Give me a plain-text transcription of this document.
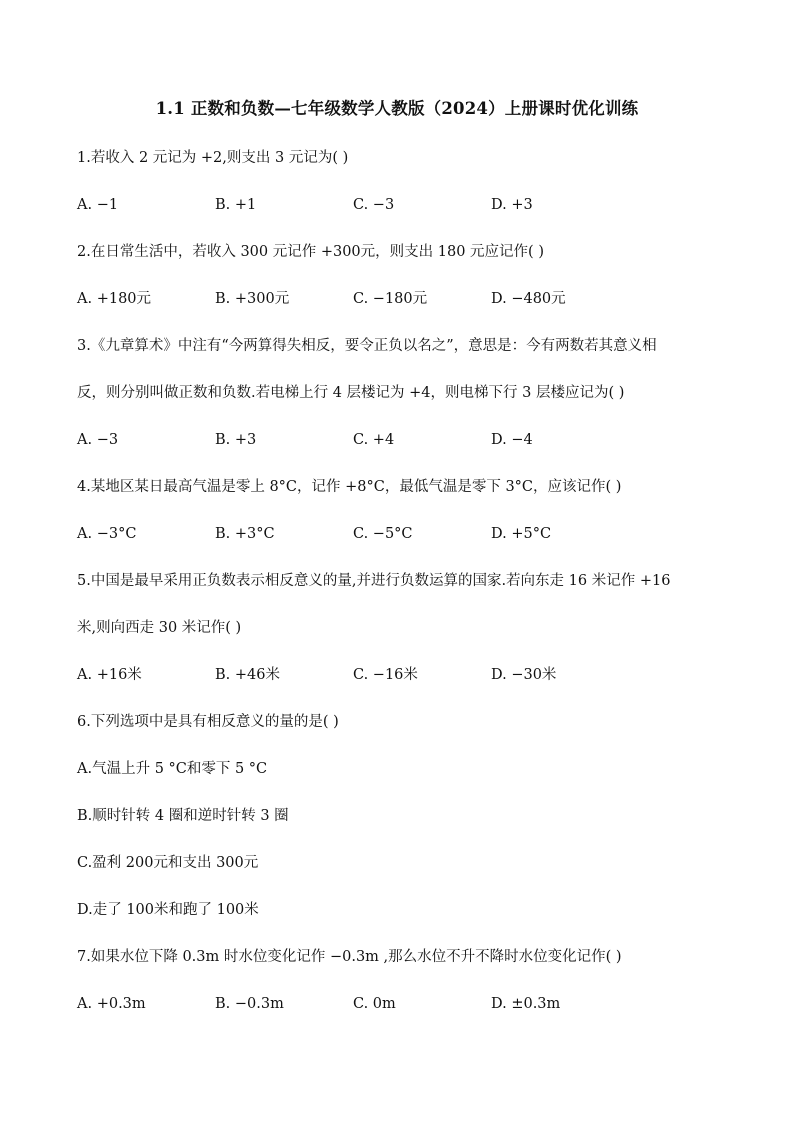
1.1 正数和负数—七年级数学人教版（2024）上册课时优化训练

1.若收入 2 元记为 +2,则支出 3 元记为( )

A. −1	B. +1	C. −3	D. +3

2.在日常生活中，若收入 300 元记作 +300元，则支出 180 元应记作( )

A. +180元	B. +300元	C. −180元	D. −480元

3.《九章算术》中注有“今两算得失相反，要令正负以名之”，意思是：今有两数若其意义相

反，则分别叫做正数和负数.若电梯上行 4 层楼记为 +4，则电梯下行 3 层楼应记为( )

A. −3	B. +3	C. +4	D. −4

4.某地区某日最高气温是零上 8°C，记作 +8°C，最低气温是零下 3°C，应该记作( )

A. −3°C	B. +3°C	C. −5°C	D. +5°C

5.中国是最早采用正负数表示相反意义的量,并进行负数运算的国家.若向东走 16 米记作 +16

米,则向西走 30 米记作( )

A. +16米	B. +46米	C. −16米	D. −30米

6.下列选项中是具有相反意义的量的是( )

A.气温上升 5 °C和零下 5 °C

B.顺时针转 4 圈和逆时针转 3 圈

C.盈利 200元和支出 300元

D.走了 100米和跑了 100米

7.如果水位下降 0.3m 时水位变化记作 −0.3m ,那么水位不升不降时水位变化记作( )

A. +0.3m	B. −0.3m	C. 0m	D. ±0.3m
